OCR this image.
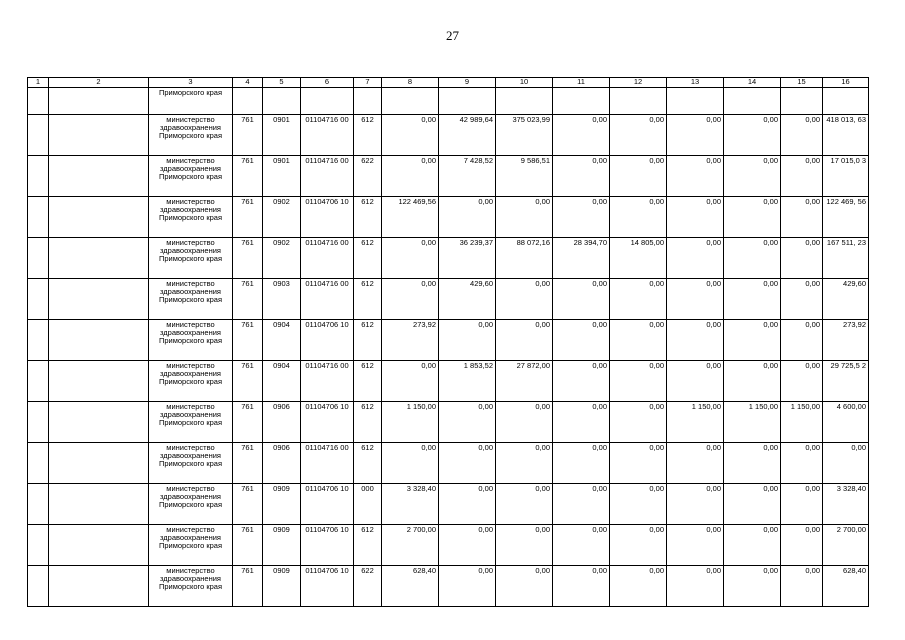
27
1	2	3	4	5	6	7	8	9	10	11	12	13	14	15	16
		Приморского края													
		министерство здравоохранения Приморского края	761	0901	01104716 00	612	0,00	42 989,64	375 023,99	0,00	0,00	0,00	0,00	0,00	418 013, 63
		министерство здравоохранения Приморского края	761	0901	01104716 00	622	0,00	7 428,52	9 586,51	0,00	0,00	0,00	0,00	0,00	17 015,0 3
		министерство здравоохранения Приморского края	761	0902	01104706 10	612	122 469,56	0,00	0,00	0,00	0,00	0,00	0,00	0,00	122 469, 56
		министерство здравоохранения Приморского края	761	0902	01104716 00	612	0,00	36 239,37	88 072,16	28 394,70	14 805,00	0,00	0,00	0,00	167 511, 23
		министерство здравоохранения Приморского края	761	0903	01104716 00	612	0,00	429,60	0,00	0,00	0,00	0,00	0,00	0,00	429,60
		министерство здравоохранения Приморского края	761	0904	01104706 10	612	273,92	0,00	0,00	0,00	0,00	0,00	0,00	0,00	273,92
		министерство здравоохранения Приморского края	761	0904	01104716 00	612	0,00	1 853,52	27 872,00	0,00	0,00	0,00	0,00	0,00	29 725,5 2
		министерство здравоохранения Приморского края	761	0906	01104706 10	612	1 150,00	0,00	0,00	0,00	0,00	1 150,00	1 150,00	1 150,00	4 600,00
		министерство здравоохранения Приморского края	761	0906	01104716 00	612	0,00	0,00	0,00	0,00	0,00	0,00	0,00	0,00	0,00
		министерство здравоохранения Приморского края	761	0909	01104706 10	000	3 328,40	0,00	0,00	0,00	0,00	0,00	0,00	0,00	3 328,40
		министерство здравоохранения Приморского края	761	0909	01104706 10	612	2 700,00	0,00	0,00	0,00	0,00	0,00	0,00	0,00	2 700,00
		министерство здравоохранения Приморского края	761	0909	01104706 10	622	628,40	0,00	0,00	0,00	0,00	0,00	0,00	0,00	628,40
